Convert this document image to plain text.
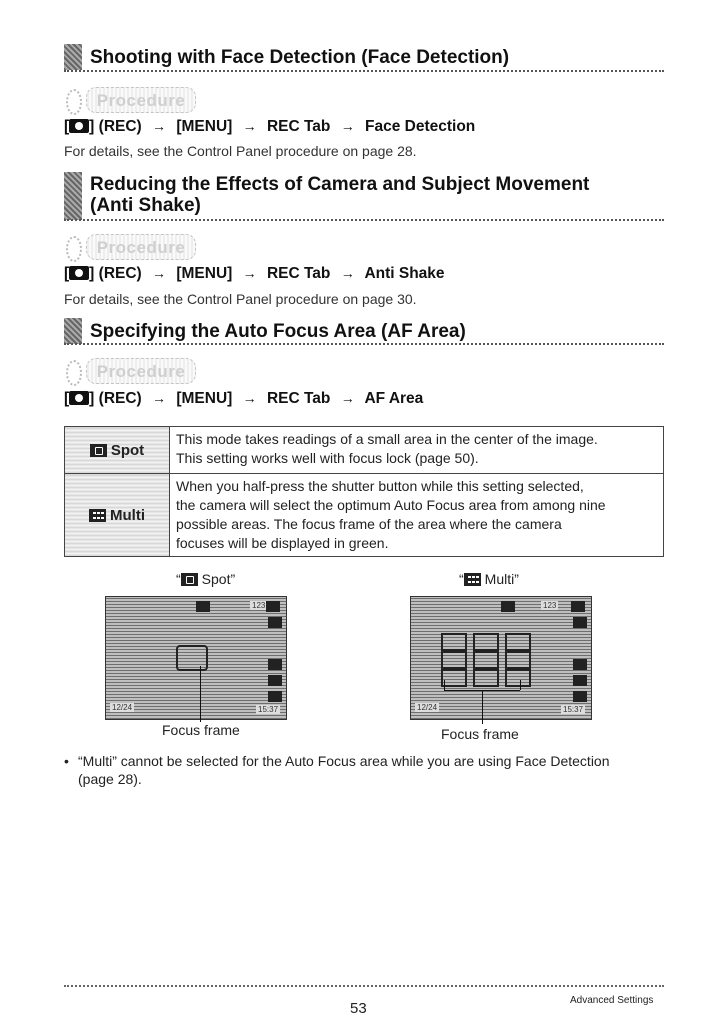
Shooting with Face Detection (Face Detection)
Procedure
[ ] (REC) → [MENU] → REC Tab → Face Detection
For details, see the Control Panel procedure on page 28.
Reducing the Effects of Camera and Subject Movement
(Anti Shake)
Procedure
[ ] (REC) → [MENU] → REC Tab → Anti Shake
For details, see the Control Panel procedure on page 30.
Specifying the Auto Focus Area (AF Area)
Procedure
[ ] (REC) → [MENU] → REC Tab → AF Area
Spot	This mode takes readings of a small area in the center of the image.
This setting works well with focus lock (page 50).

Multi	When you half-press the shutter button while this setting selected,
the camera will select the optimum Auto Focus area from among nine
possible areas. The focus frame of the area where the camera
focuses will be displayed in green.
“ Spot”	“ Multi”
123
12/24	15:37
123
12/24	15:37
Focus frame	Focus frame
• “Multi” cannot be selected for the Auto Focus area while you are using Face Detection (page 28).
53	Advanced Settings
